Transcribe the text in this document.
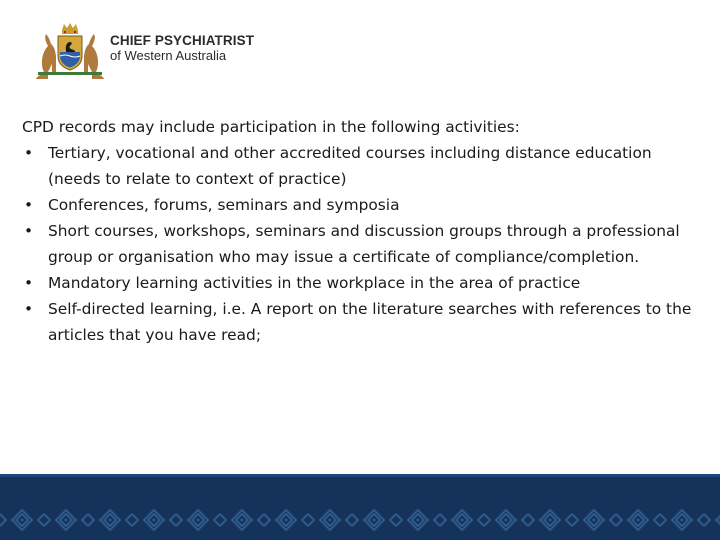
CHIEF PSYCHIATRIST
of Western Australia

CPD records may include participation in the following activities:

• Tertiary, vocational and other accredited courses including distance education (needs to relate to context of practice)
• Conferences, forums, seminars and symposia
• Short courses, workshops, seminars and discussion groups through a professional group or organisation who may issue a certificate of compliance/completion.
• Mandatory learning activities in the workplace in the area of practice
• Self-directed learning, i.e. A report on the literature searches with references to the articles that you have read;
